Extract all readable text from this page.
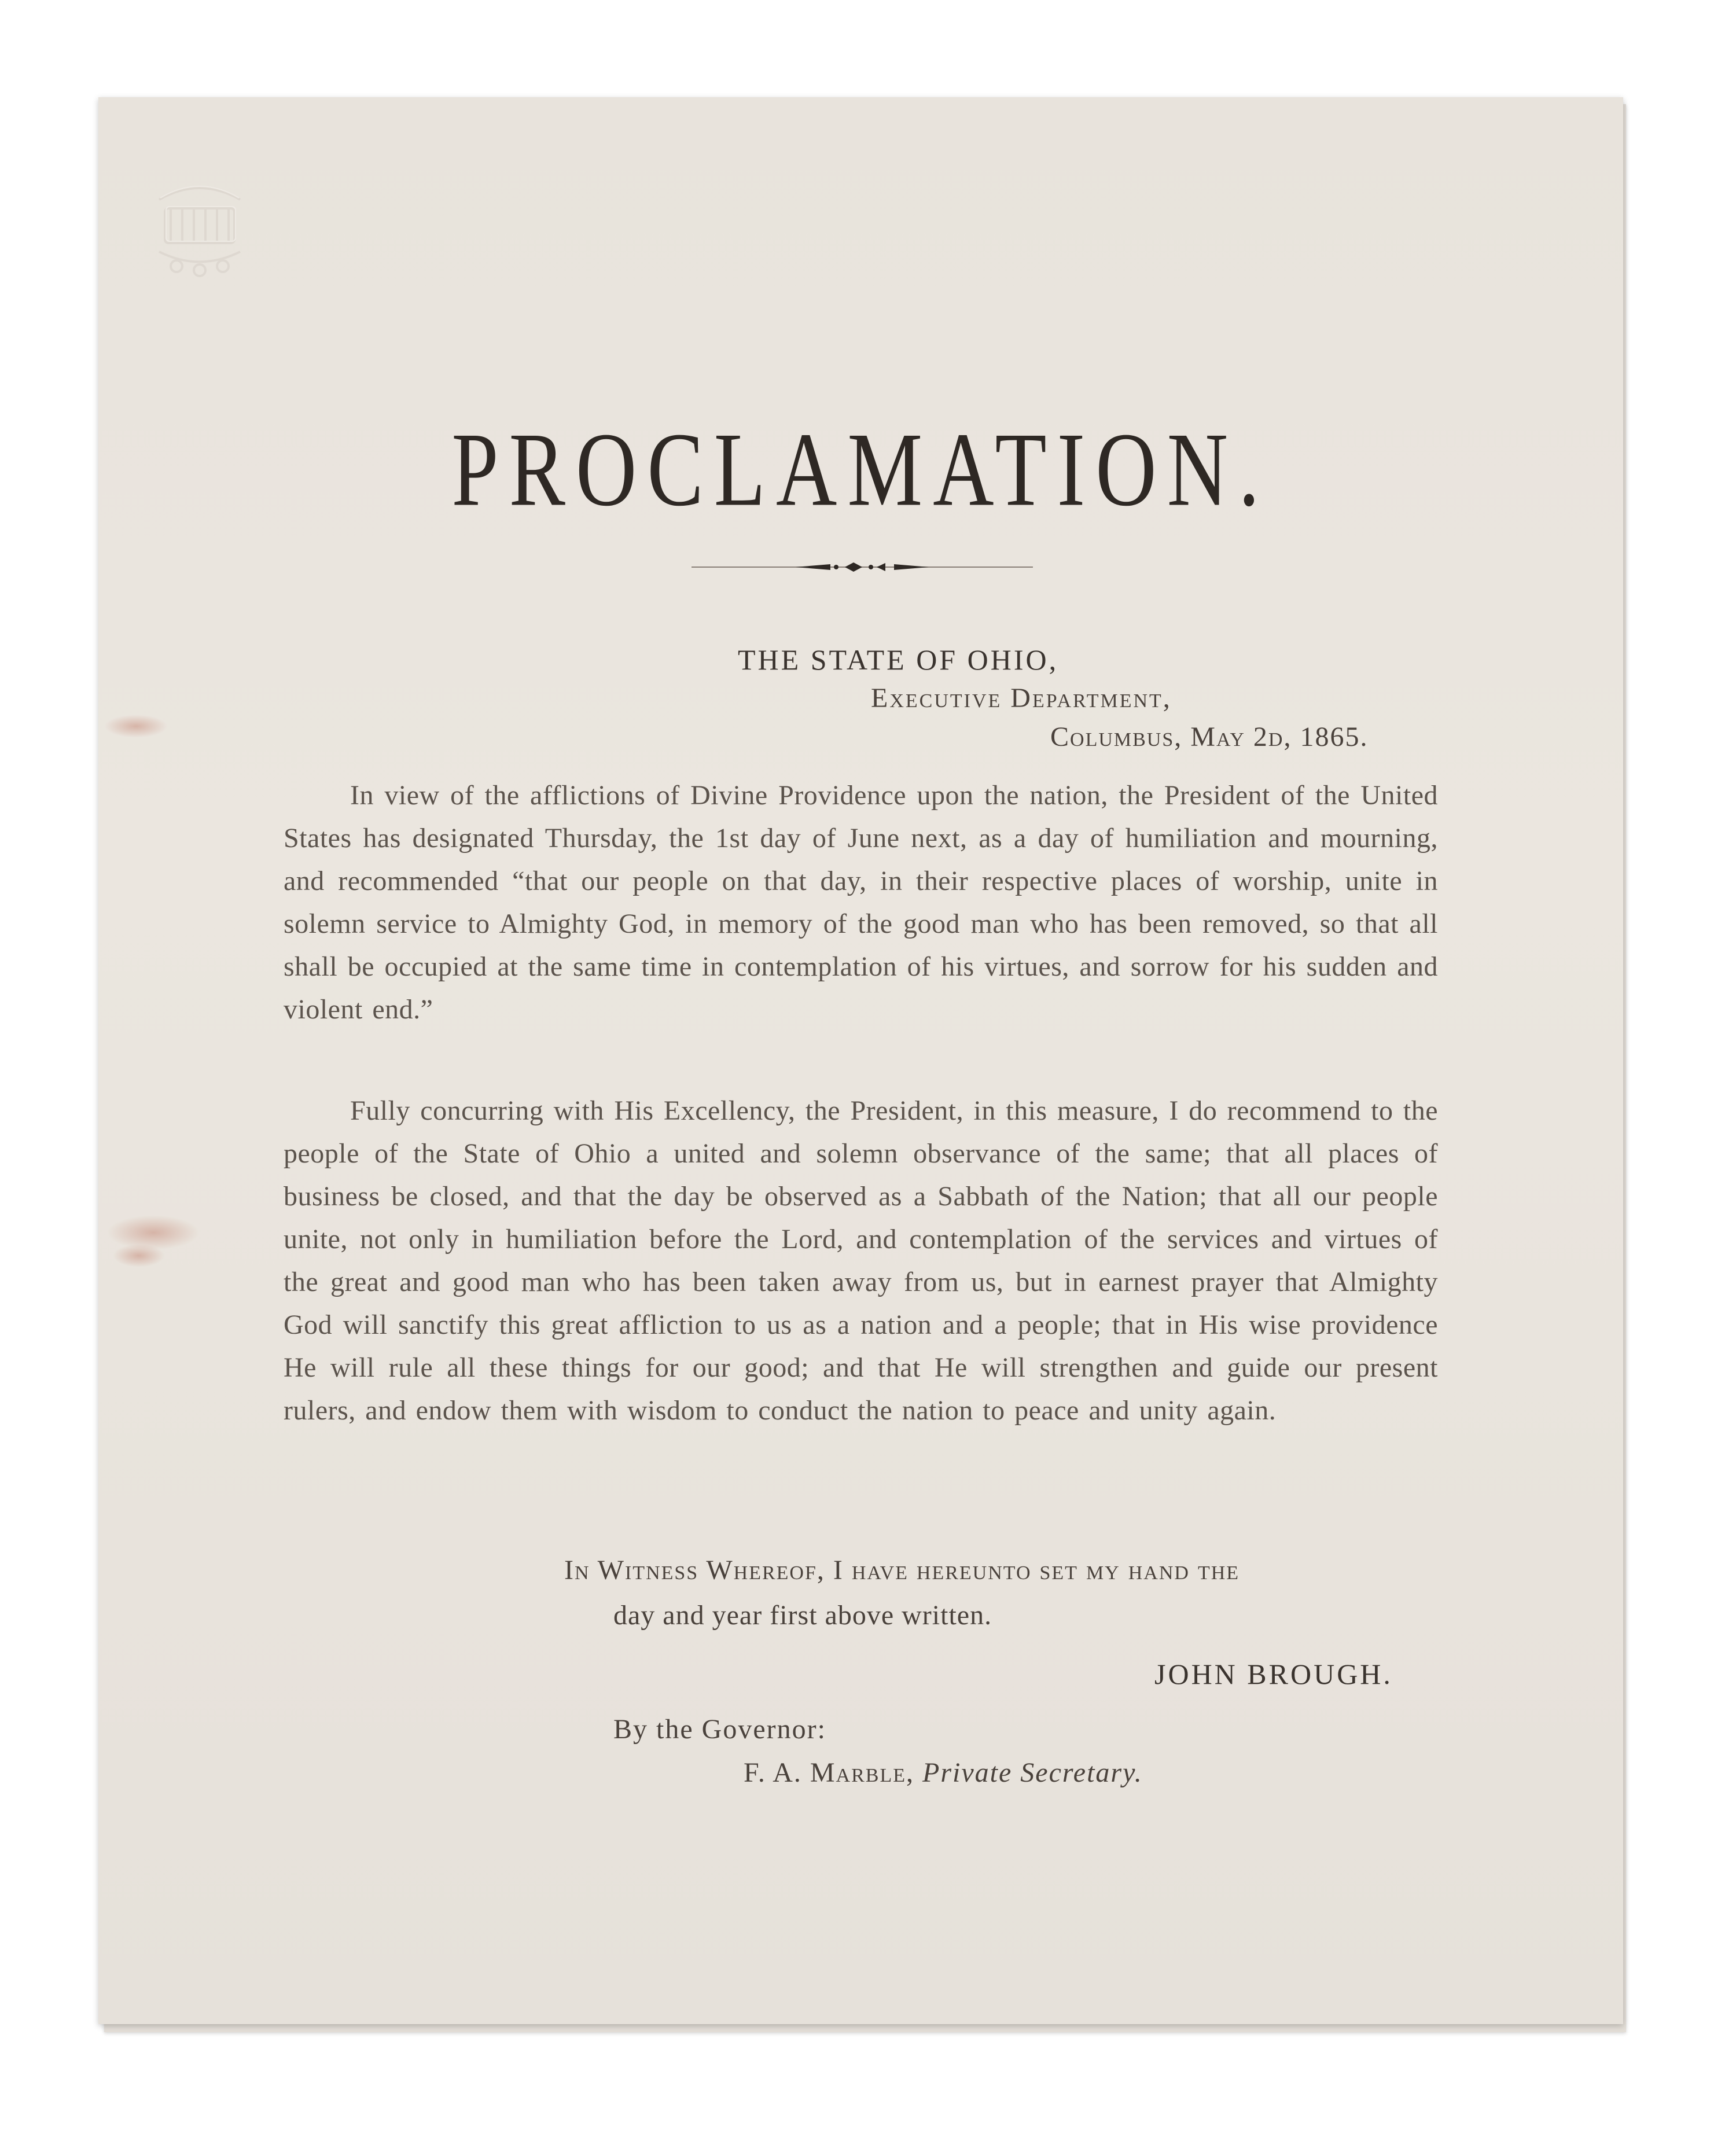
PROCLAMATION.
THE STATE OF OHIO,
Executive Department,
Columbus, May 2d, 1865.
In view of the afflictions of Divine Providence upon the nation, the President of the United States has designated Thursday, the 1st day of June next, as a day of humiliation and mourning, and recommended “that our people on that day, in their respective places of worship, unite in solemn service to Almighty God, in memory of the good man who has been removed, so that all shall be occupied at the same time in contemplation of his virtues, and sorrow for his sudden and violent end.”
Fully concurring with His Excellency, the President, in this measure, I do recommend to the people of the State of Ohio a united and solemn observance of the same; that all places of business be closed, and that the day be observed as a Sabbath of the Nation; that all our people unite, not only in humiliation before the Lord, and contemplation of the services and virtues of the great and good man who has been taken away from us, but in earnest prayer that Almighty God will sanctify this great affliction to us as a nation and a people; that in His wise providence He will rule all these things for our good; and that He will strengthen and guide our present rulers, and endow them with wisdom to conduct the nation to peace and unity again.
In Witness Whereof, I have hereunto set my hand the
day and year first above written.
JOHN BROUGH.
By the Governor:
F. A. Marble, Private Secretary.
